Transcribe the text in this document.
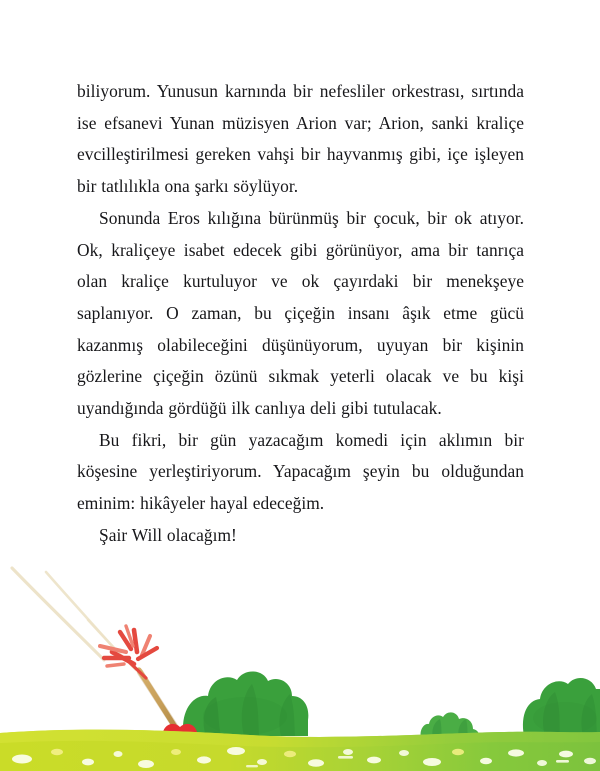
biliyorum. Yunusun karnında bir nefesliler orkestrası, sırtında ise efsanevi Yunan müzisyen Arion var; Arion, sanki kraliçe evcilleştirilmesi gereken vahşi bir hayvanmış gibi, içe işleyen bir tatlılıkla ona şarkı söylüyor.

Sonunda Eros kılığına bürünmüş bir çocuk, bir ok atıyor. Ok, kraliçeye isabet edecek gibi görünüyor, ama bir tanrıça olan kraliçe kurtuluyor ve ok çayırdaki bir menekşeye saplanıyor. O zaman, bu çiçeğin insanı âşık etme gücü kazanmış olabileceğini düşünüyorum, uyuyan bir kişinin gözlerine çiçeğin özünü sıkmak yeterli olacak ve bu kişi uyandığında gördüğü ilk canlıya deli gibi tutulacak.

Bu fikri, bir gün yazacağım komedi için aklımın bir köşesine yerleştiriyorum. Yapacağım şeyin bu olduğundan eminim: hikâyeler hayal edeceğim.

Şair Will olacağım!
